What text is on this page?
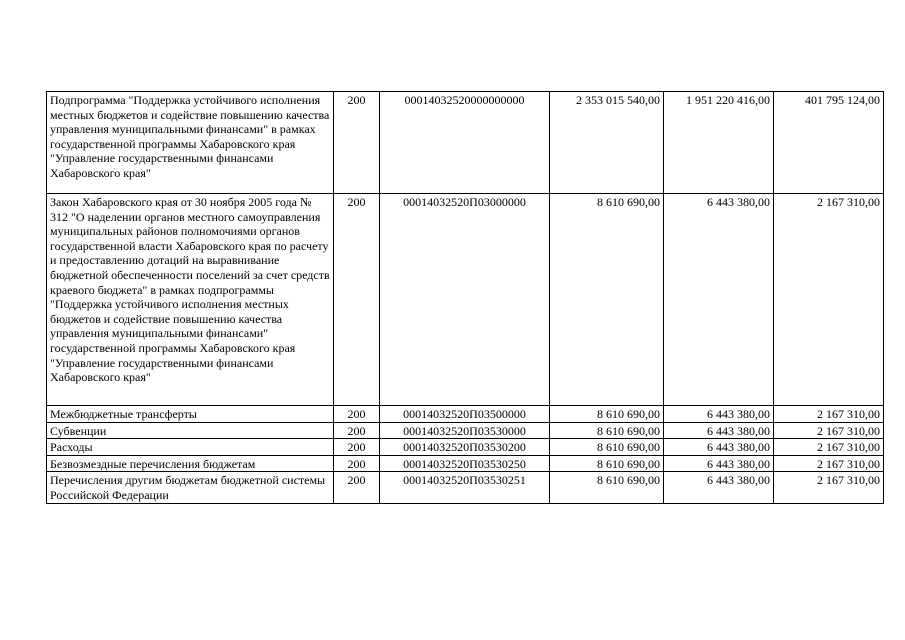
Подпрограмма "Поддержка устойчивого исполнения местных бюджетов и содействие повышению качества управления муниципальными финансами" в рамках государственной программы Хабаровского края "Управление государственными финансами Хабаровского края"	200	00014032520000000000	2 353 015 540,00	1 951 220 416,00	401 795 124,00
Закон Хабаровского края от 30 ноября 2005 года № 312 "О наделении органов местного самоуправления муниципальных районов полномочиями органов государственной власти Хабаровского края по расчету и предоставлению дотаций на выравнивание бюджетной обеспеченности поселений за счет средств краевого бюджета" в рамках подпрограммы "Поддержка устойчивого исполнения местных бюджетов и содействие повышению качества управления муниципальными финансами" государственной программы Хабаровского края "Управление государственными финансами Хабаровского края"	200	00014032520П03000000	8 610 690,00	6 443 380,00	2 167 310,00
Межбюджетные трансферты	200	00014032520П03500000	8 610 690,00	6 443 380,00	2 167 310,00
Субвенции	200	00014032520П03530000	8 610 690,00	6 443 380,00	2 167 310,00
Расходы	200	00014032520П03530200	8 610 690,00	6 443 380,00	2 167 310,00
Безвозмездные перечисления бюджетам	200	00014032520П03530250	8 610 690,00	6 443 380,00	2 167 310,00
Перечисления другим бюджетам бюджетной системы Российской Федерации	200	00014032520П03530251	8 610 690,00	6 443 380,00	2 167 310,00
